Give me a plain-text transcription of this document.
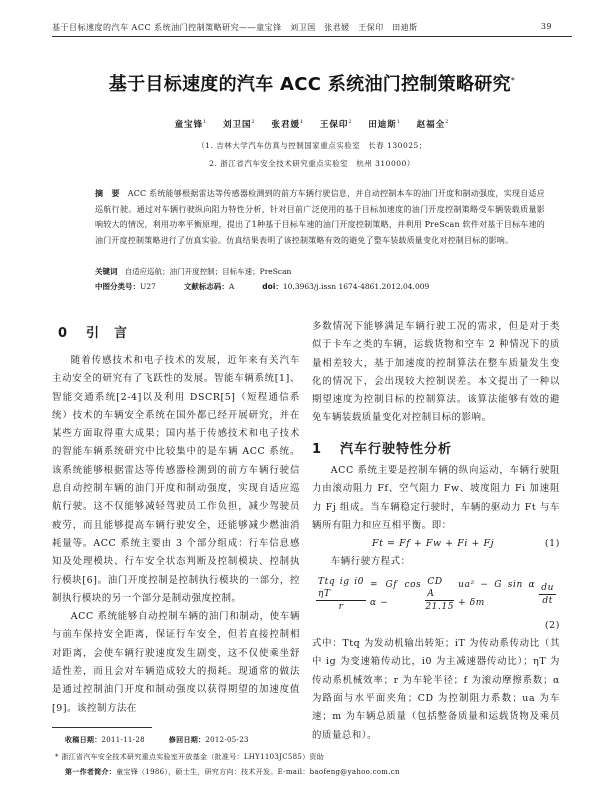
基于目标速度的汽车 ACC 系统油门控制策略研究——童宝锋　刘卫国　张君媛　王保印　田迪斯	39
基于目标速度的汽车 ACC 系统油门控制策略研究*
童宝锋$^1$ 刘卫国$^2$ 张君媛$^1$ 王保印$^2$ 田迪斯$^1$ 赵福全$^2$
（1. 吉林大学汽车仿真与控制国家重点实验室　长春 130025；
2. 浙江省汽车安全技术研究重点实验室　杭州 310000）
摘　要 ACC 系统能够根据雷达等传感器检测到的前方车辆行驶信息，并自动控制本车的油门开度和制动强度，实现自适应巡航行驶。通过对车辆行驶纵向阻力特性分析，针对目前广泛使用的基于目标加速度的油门开度控制策略受车辆装载质量影响较大的情况，利用功率平衡原理，提出了1种基于目标车速的油门开度控制策略，并利用 PreScan 软件对基于目标车速的油门开度控制策略进行了仿真实验。仿真结果表明了该控制策略有效的避免了整车装载质量变化对控制目标的影响。
关键词 自适应巡航；油门开度控制；目标车速；PreScan
中图分类号：U27	文献标志码：A	doi：10.3963/j.issn 1674-4861.2012.04.009
0 引　言

随着传感技术和电子技术的发展，近年来有关汽车主动安全的研究有了飞跃性的发展。智能车辆系统[1]、智能交通系统[2-4]以及利用 DSCR[5]（短程通信系统）技术的车辆安全系统在国外都已经开展研究，并在某些方面取得重大成果；国内基于传感技术和电子技术的智能车辆系统研究中比较集中的是车辆 ACC 系统。该系统能够根据雷达等传感器检测到的前方车辆行驶信息自动控制车辆的油门开度和制动强度，实现自适应巡航行驶。这不仅能够减轻驾驶员工作负担，减少驾驶员疲劳，而且能够提高车辆行驶安全，还能够减少燃油消耗量等。ACC 系统主要由 3 个部分组成：行车信息感知及处理模块、行车安全状态判断及控制模块、控制执行模块[6]。油门开度控制是控制执行模块的一部分，控制执行模块的另一个部分是制动强度控制。

ACC 系统能够自动控制车辆的油门和制动，使车辆与前车保持安全距离，保证行车安全，但若直接控制相对距离，会使车辆行驶速度发生剧变，这不仅使乘坐舒适性差，而且会对车辆造成较大的损耗。现通常的做法是通过控制油门开度和制动强度以获得期望的加速度值[9]。该控制方法在

多数情况下能够满足车辆行驶工况的需求，但是对于类似于卡车之类的车辆，运载货物和空车 2 种情况下的质量相差较大，基于加速度的控制算法在整车质量发生变化的情况下，会出现较大控制误差。本文提出了一种以期望速度为控制目标的控制算法。该算法能够有效的避免车辆装载质量变化对控制目标的影响。

1 汽车行驶特性分析

ACC 系统主要是控制车辆的纵向运动，车辆行驶阻力由滚动阻力 Ff、空气阻力 Fw、坡度阻力 Fi 加速阻力 Fj 组成。当车辆稳定行驶时，车辆的驱动力 Ft 与车辆所有阻力和应互相平衡。即：

Ft = Ff + Fw + Fi + Fj	(1)

车辆行驶方程式：

$\frac{\text{Ttq ig i0 ηT}}{r} = Gf$ cos α −	$\frac{\text{CD A}}{21.15} ua^2 - G$ sin α + δm	$\frac{du}{dt}$
(2)

式中：Ttq 为发动机输出转矩；iT 为传动系传动比（其中 ig 为变速箱传动比，i0 为主减速器传动比）；ηT 为传动系机械效率；r 为车轮半径；f 为滚动摩擦系数；α 为路面与水平面夹角；CD 为控制阻力系数；ua 为车速；m 为车辆总质量（包括整备质量和运载货物及乘员的质量总和）。

收稿日期：2011-11-28	修回日期：2012-05-23
* 浙江省汽车安全技术研究重点实验室开放基金（批准号：LHY1103JC585）资助
第一作者简介：童宝锋（1986），硕士生，研究方向：技术开发。E-mail：baofeng@yahoo.com.cn
